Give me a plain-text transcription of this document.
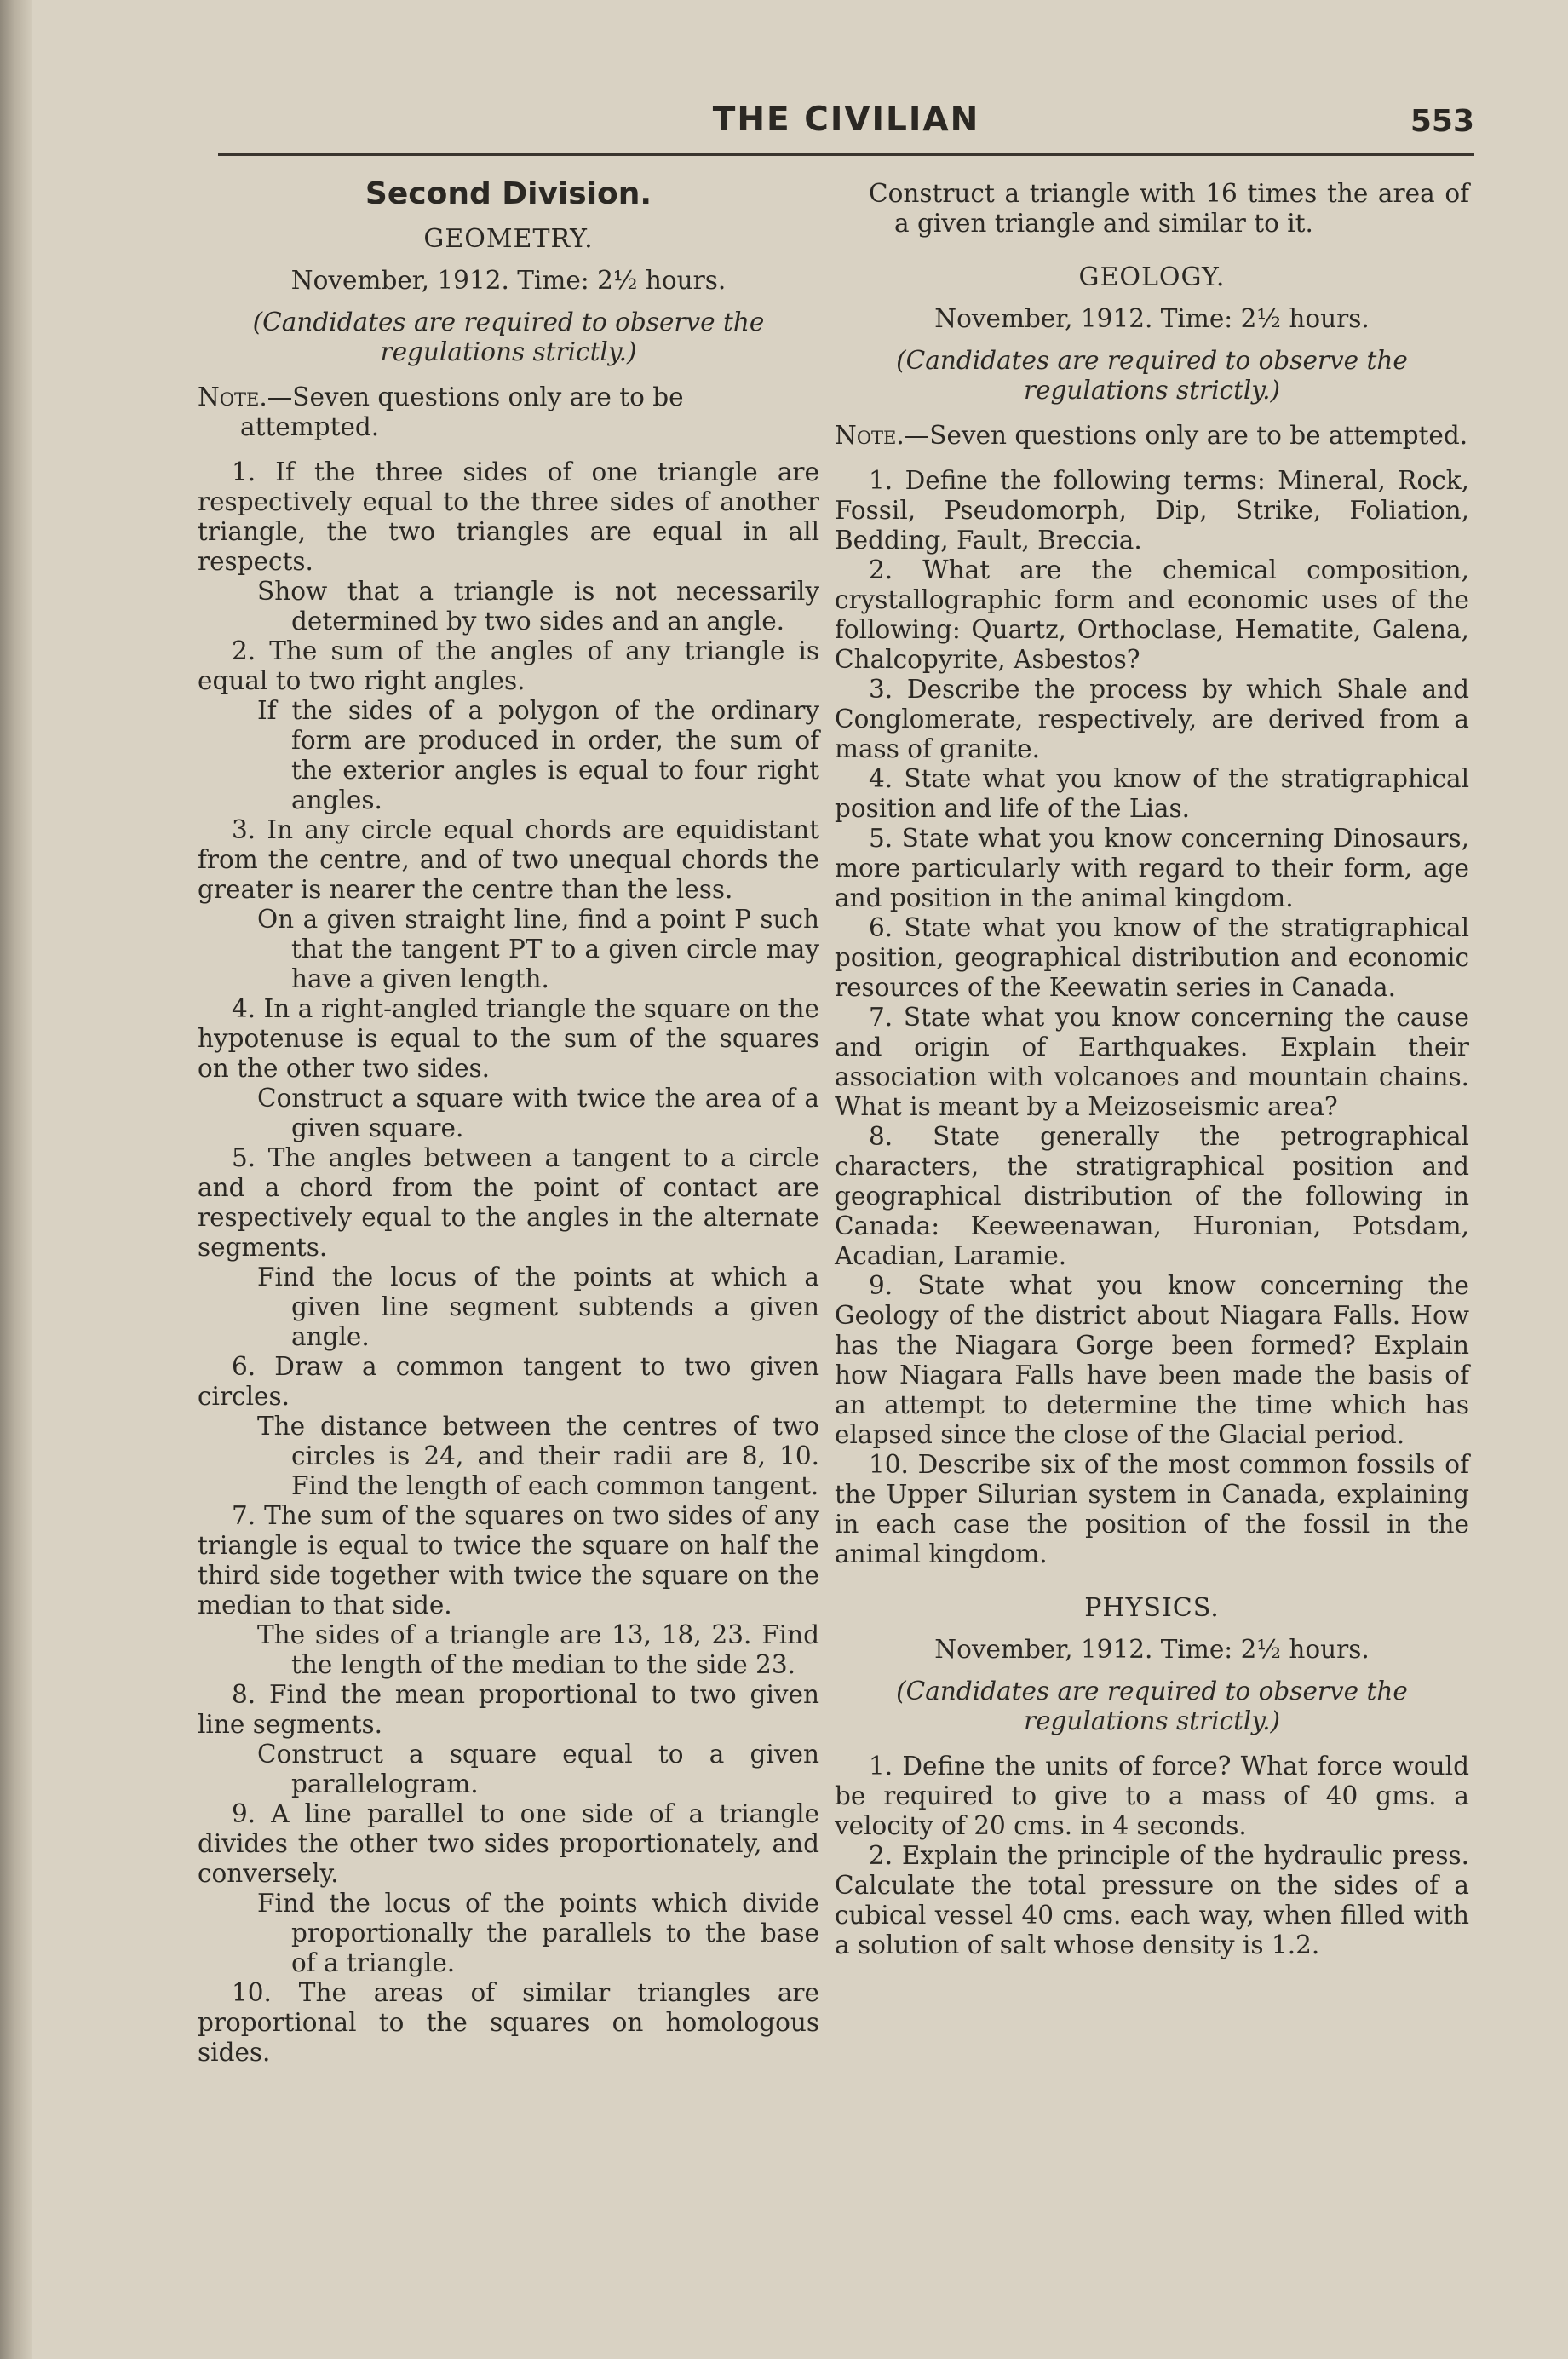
THE CIVILIAN	553
Second Division.
GEOMETRY.
November, 1912. Time: 2½ hours.
(Candidates are required to observe the regulations strictly.)

Note.—Seven questions only are to be attempted.

1. If the three sides of one triangle are respectively equal to the three sides of another triangle, the two triangles are equal in all respects.

Show that a triangle is not necessarily determined by two sides and an angle.

2. The sum of the angles of any triangle is equal to two right angles.

If the sides of a polygon of the ordinary form are produced in order, the sum of the exterior angles is equal to four right angles.

3. In any circle equal chords are equidistant from the centre, and of two unequal chords the greater is nearer the centre than the less.

On a given straight line, find a point P such that the tangent PT to a given circle may have a given length.

4. In a right-angled triangle the square on the hypotenuse is equal to the sum of the squares on the other two sides.

Construct a square with twice the area of a given square.

5. The angles between a tangent to a circle and a chord from the point of contact are respectively equal to the angles in the alternate segments.

Find the locus of the points at which a given line segment subtends a given angle.

6. Draw a common tangent to two given circles.

The distance between the centres of two circles is 24, and their radii are 8, 10. Find the length of each common tangent.

7. The sum of the squares on two sides of any triangle is equal to twice the square on half the third side together with twice the square on the median to that side.

The sides of a triangle are 13, 18, 23. Find the length of the median to the side 23.

8. Find the mean proportional to two given line segments.

Construct a square equal to a given parallelogram.

9. A line parallel to one side of a triangle divides the other two sides proportionately, and conversely.

Find the locus of the points which divide proportionally the parallels to the base of a triangle.

10. The areas of similar triangles are proportional to the squares on homologous sides.

Construct a triangle with 16 times the area of a given triangle and similar to it.

GEOLOGY.
November, 1912. Time: 2½ hours.
(Candidates are required to observe the regulations strictly.)

Note.—Seven questions only are to be attempted.

1. Define the following terms: Mineral, Rock, Fossil, Pseudomorph, Dip, Strike, Foliation, Bedding, Fault, Breccia.

2. What are the chemical composition, crystallographic form and economic uses of the following: Quartz, Orthoclase, Hematite, Galena, Chalcopyrite, Asbestos?

3. Describe the process by which Shale and Conglomerate, respectively, are derived from a mass of granite.

4. State what you know of the stratigraphical position and life of the Lias.

5. State what you know concerning Dinosaurs, more particularly with regard to their form, age and position in the animal kingdom.

6. State what you know of the stratigraphical position, geographical distribution and economic resources of the Keewatin series in Canada.

7. State what you know concerning the cause and origin of Earthquakes. Explain their association with volcanoes and mountain chains. What is meant by a Meizoseismic area?

8. State generally the petrographical characters, the stratigraphical position and geographical distribution of the following in Canada: Keeweenawan, Huronian, Potsdam, Acadian, Laramie.

9. State what you know concerning the Geology of the district about Niagara Falls. How has the Niagara Gorge been formed? Explain how Niagara Falls have been made the basis of an attempt to determine the time which has elapsed since the close of the Glacial period.

10. Describe six of the most common fossils of the Upper Silurian system in Canada, explaining in each case the position of the fossil in the animal kingdom.

PHYSICS.
November, 1912. Time: 2½ hours.
(Candidates are required to observe the regulations strictly.)

1. Define the units of force? What force would be required to give to a mass of 40 gms. a velocity of 20 cms. in 4 seconds.

2. Explain the principle of the hydraulic press. Calculate the total pressure on the sides of a cubical vessel 40 cms. each way, when filled with a solution of salt whose density is 1.2.
